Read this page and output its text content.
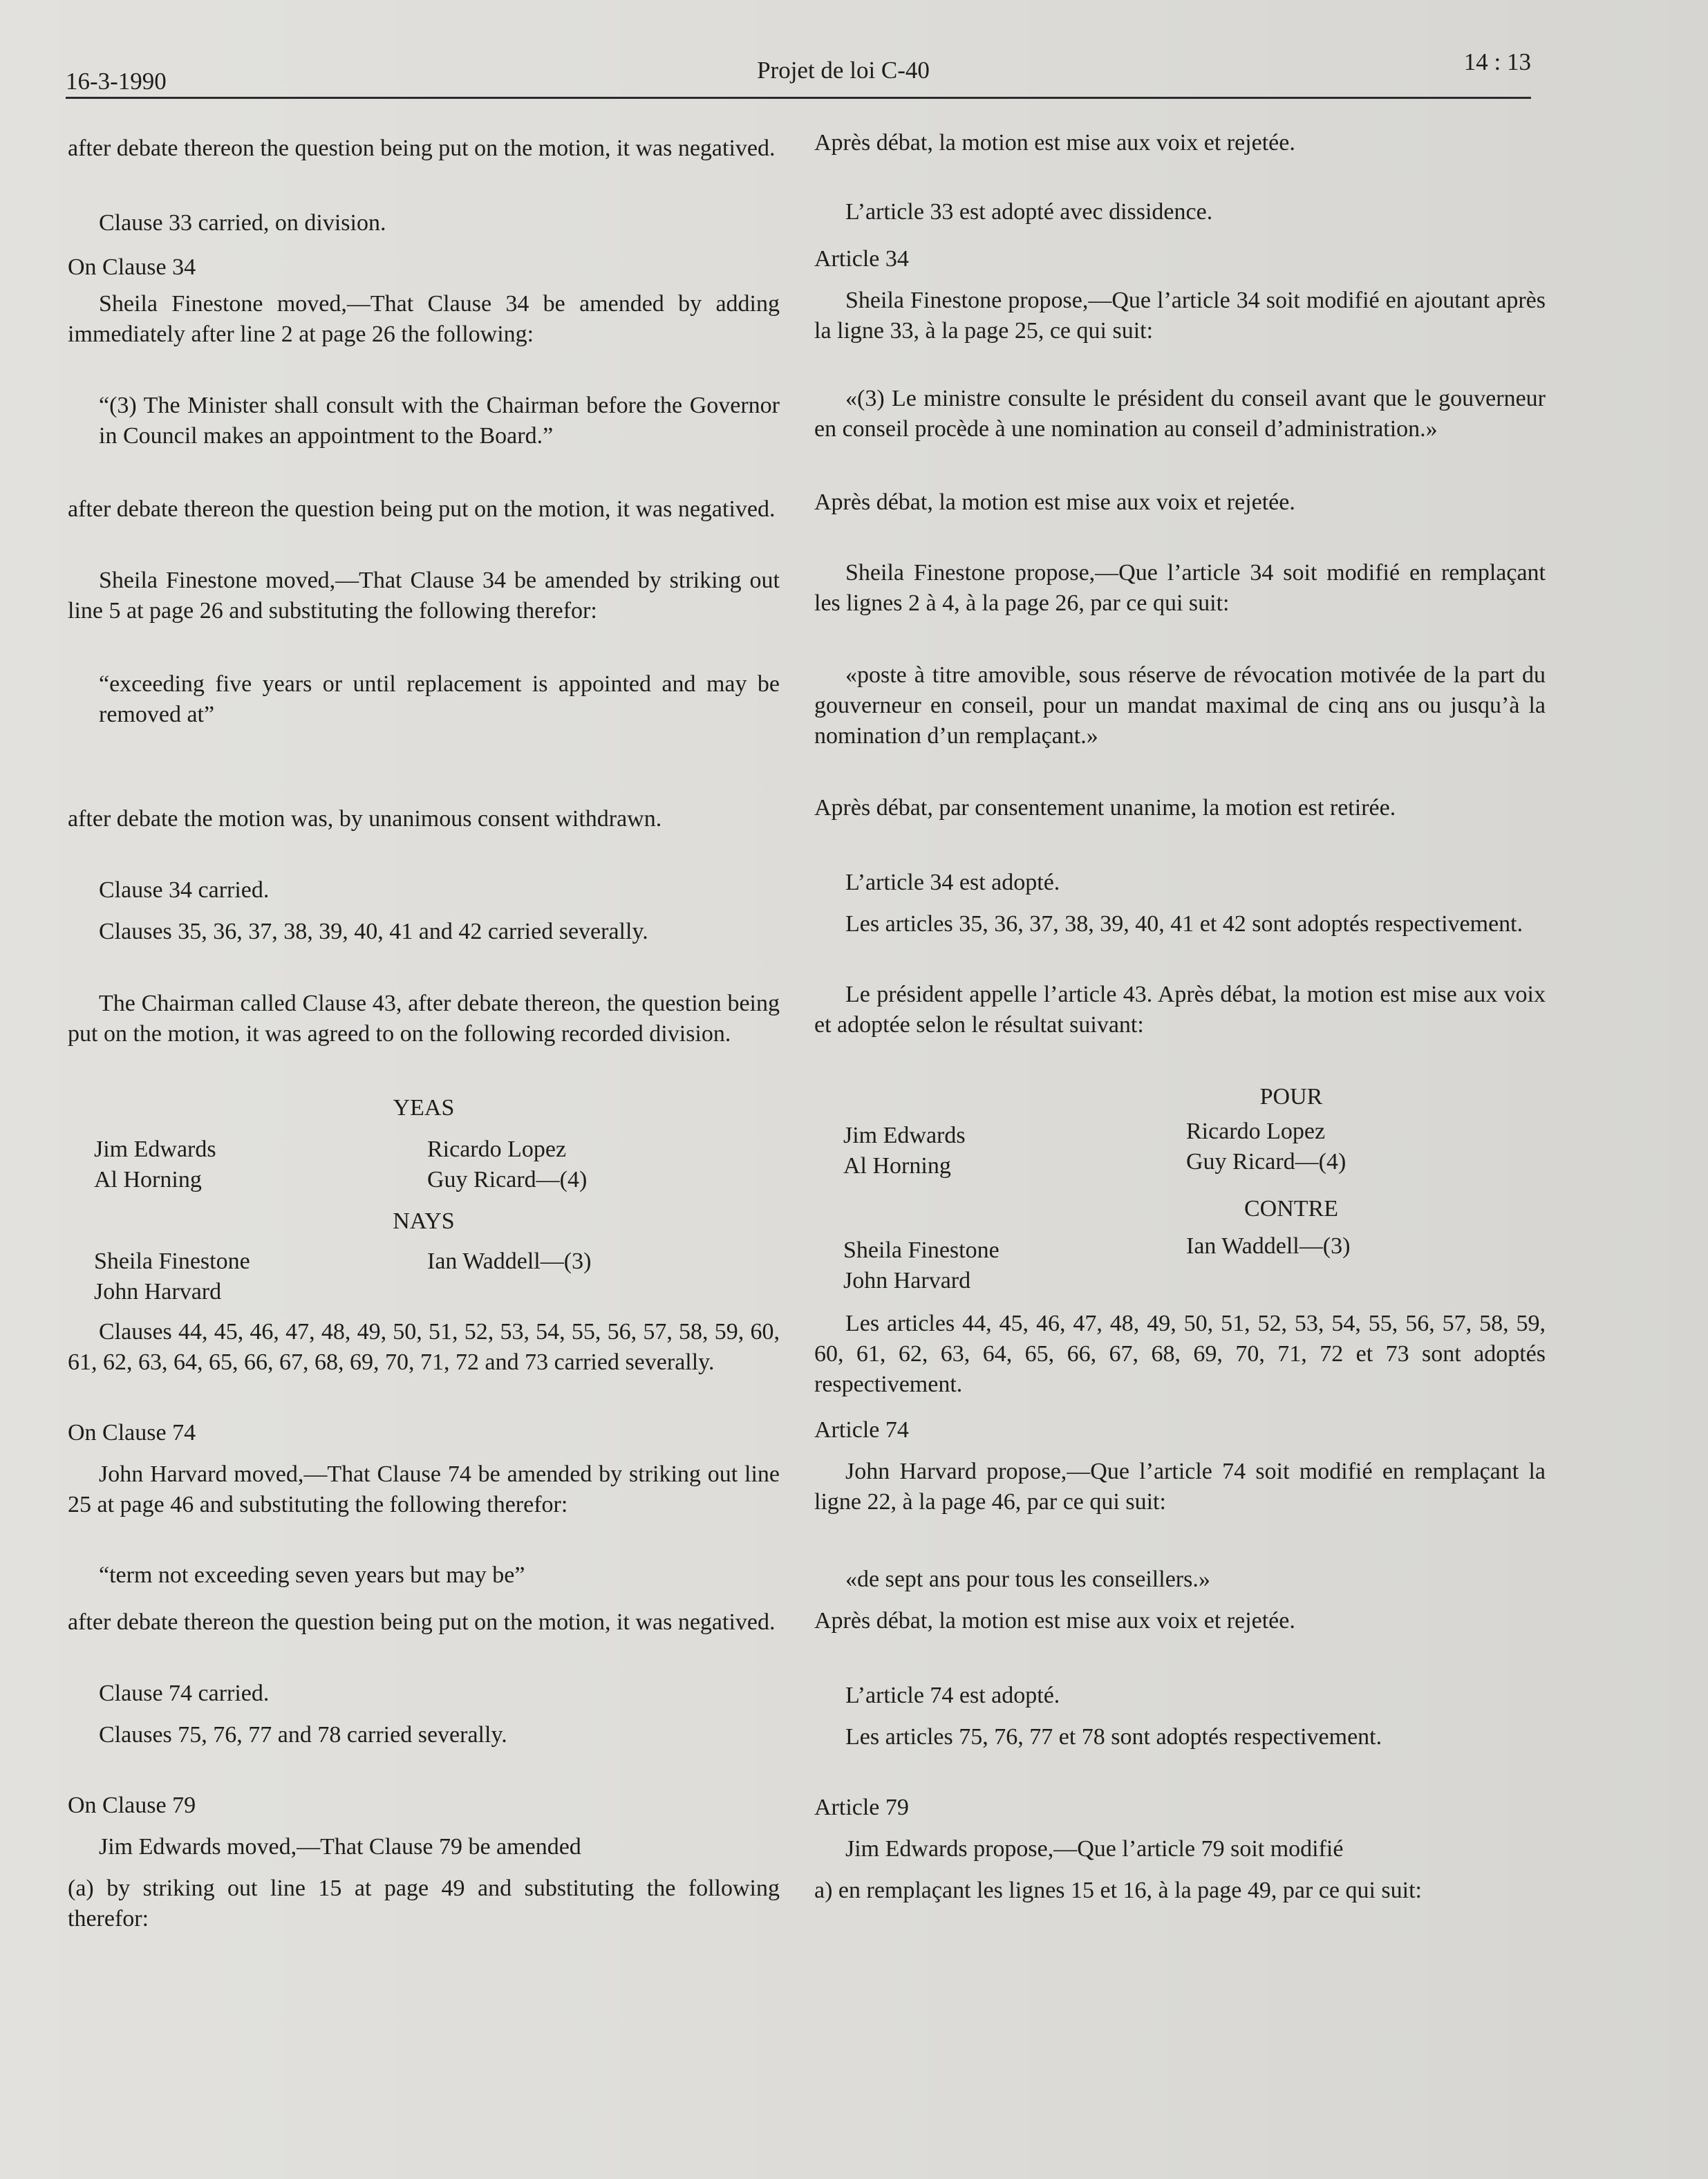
16-3-1990	Projet de loi C-40	14 : 13

after debate thereon the question being put on the motion, it was negatived.

Clause 33 carried, on division.

On Clause 34

Sheila Finestone moved,—That Clause 34 be amended by adding immediately after line 2 at page 26 the following:

“(3) The Minister shall consult with the Chairman before the Governor in Council makes an appointment to the Board.”

after debate thereon the question being put on the motion, it was negatived.

Sheila Finestone moved,—That Clause 34 be amended by striking out line 5 at page 26 and substituting the following therefor:

“exceeding five years or until replacement is appointed and may be removed at”

after debate the motion was, by unanimous consent withdrawn.

Clause 34 carried.

Clauses 35, 36, 37, 38, 39, 40, 41 and 42 carried severally.

The Chairman called Clause 43, after debate thereon, the question being put on the motion, it was agreed to on the following recorded division.

YEAS
Jim Edwards
Al Horning
Ricardo Lopez
Guy Ricard—(4)
NAYS
Sheila Finestone
John Harvard
Ian Waddell—(3)

Clauses 44, 45, 46, 47, 48, 49, 50, 51, 52, 53, 54, 55, 56, 57, 58, 59, 60, 61, 62, 63, 64, 65, 66, 67, 68, 69, 70, 71, 72 and 73 carried severally.

On Clause 74

John Harvard moved,—That Clause 74 be amended by striking out line 25 at page 46 and substituting the following therefor:

“term not exceeding seven years but may be”

after debate thereon the question being put on the motion, it was negatived.

Clause 74 carried.

Clauses 75, 76, 77 and 78 carried severally.

On Clause 79

Jim Edwards moved,—That Clause 79 be amended

(a) by striking out line 15 at page 49 and substituting the following therefor:

Après débat, la motion est mise aux voix et rejetée.

L’article 33 est adopté avec dissidence.

Article 34

Sheila Finestone propose,—Que l’article 34 soit modifié en ajoutant après la ligne 33, à la page 25, ce qui suit:

«(3) Le ministre consulte le président du conseil avant que le gouverneur en conseil procède à une nomination au conseil d’administration.»

Après débat, la motion est mise aux voix et rejetée.

Sheila Finestone propose,—Que l’article 34 soit modifié en remplaçant les lignes 2 à 4, à la page 26, par ce qui suit:

«poste à titre amovible, sous réserve de révocation motivée de la part du gouverneur en conseil, pour un mandat maximal de cinq ans ou jusqu’à la nomination d’un remplaçant.»

Après débat, par consentement unanime, la motion est retirée.

L’article 34 est adopté.

Les articles 35, 36, 37, 38, 39, 40, 41 et 42 sont adoptés respectivement.

Le président appelle l’article 43. Après débat, la motion est mise aux voix et adoptée selon le résultat suivant:

POUR
Jim Edwards
Al Horning
Ricardo Lopez
Guy Ricard—(4)
CONTRE
Sheila Finestone
John Harvard
Ian Waddell—(3)

Les articles 44, 45, 46, 47, 48, 49, 50, 51, 52, 53, 54, 55, 56, 57, 58, 59, 60, 61, 62, 63, 64, 65, 66, 67, 68, 69, 70, 71, 72 et 73 sont adoptés respectivement.

Article 74

John Harvard propose,—Que l’article 74 soit modifié en remplaçant la ligne 22, à la page 46, par ce qui suit:

«de sept ans pour tous les conseillers.»

Après débat, la motion est mise aux voix et rejetée.

L’article 74 est adopté.

Les articles 75, 76, 77 et 78 sont adoptés respectivement.

Article 79

Jim Edwards propose,—Que l’article 79 soit modifié

a) en remplaçant les lignes 15 et 16, à la page 49, par ce qui suit:
